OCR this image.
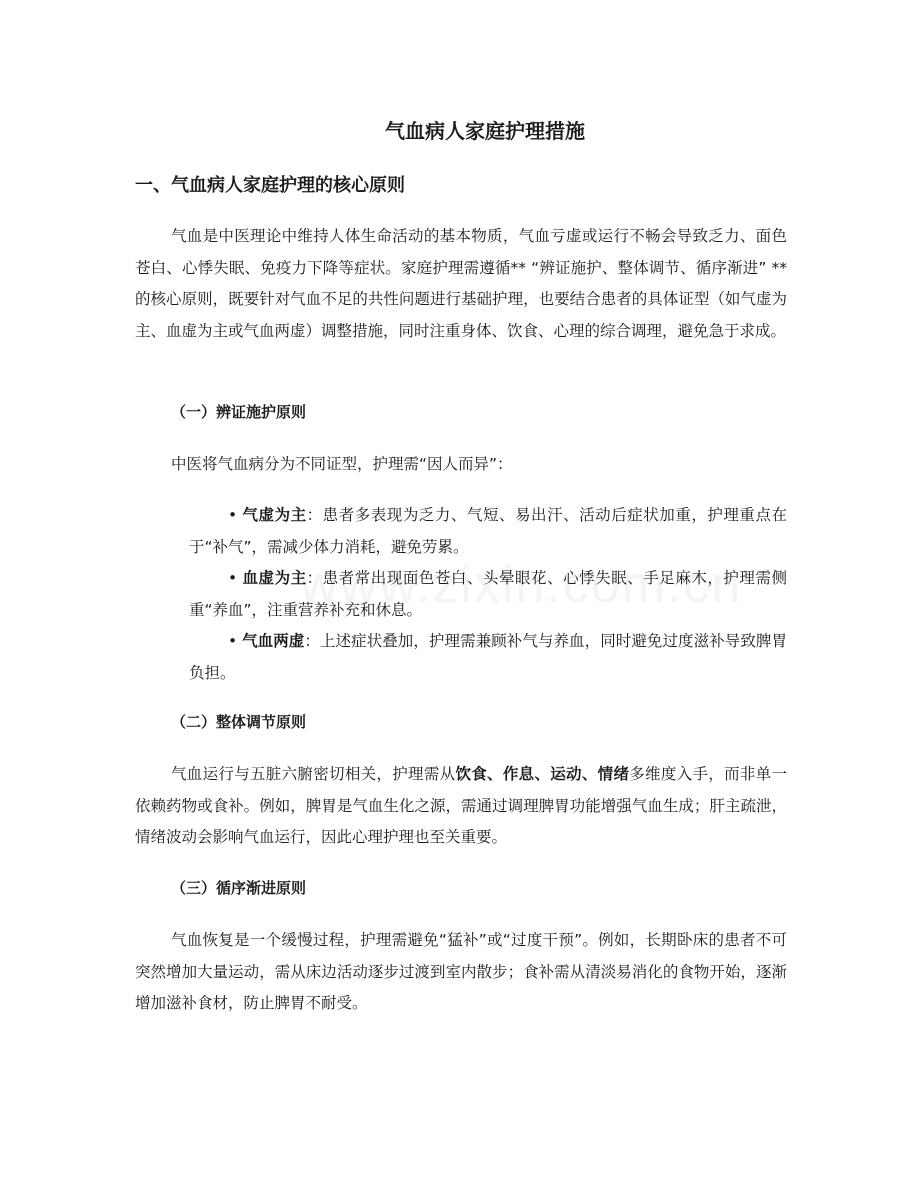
气血病人家庭护理措施
一、气血病人家庭护理的核心原则

气血是中医理论中维持人体生命活动的基本物质，气血亏虚或运行不畅会导致乏力、面色苍白、心悸失眠、免疫力下降等症状。家庭护理需遵循** “辨证施护、整体调节、循序渐进” **的核心原则，既要针对气血不足的共性问题进行基础护理，也要结合患者的具体证型（如气虚为主、血虚为主或气血两虚）调整措施，同时注重身体、饮食、心理的综合调理，避免急于求成。

（一）辨证施护原则

中医将气血病分为不同证型，护理需“因人而异”：

• 气虚为主：患者多表现为乏力、气短、易出汗、活动后症状加重，护理重点在于“补气”，需减少体力消耗，避免劳累。
• 血虚为主：患者常出现面色苍白、头晕眼花、心悸失眠、手足麻木，护理需侧重“养血”，注重营养补充和休息。
• 气血两虚：上述症状叠加，护理需兼顾补气与养血，同时避免过度滋补导致脾胃负担。
（二）整体调节原则

气血运行与五脏六腑密切相关，护理需从饮食、作息、运动、情绪多维度入手，而非单一依赖药物或食补。例如，脾胃是气血生化之源，需通过调理脾胃功能增强气血生成；肝主疏泄，情绪波动会影响气血运行，因此心理护理也至关重要。

（三）循序渐进原则

气血恢复是一个缓慢过程，护理需避免“猛补”或“过度干预”。例如，长期卧床的患者不可突然增加大量运动，需从床边活动逐步过渡到室内散步；食补需从清淡易消化的食物开始，逐渐增加滋补食材，防止脾胃不耐受。
